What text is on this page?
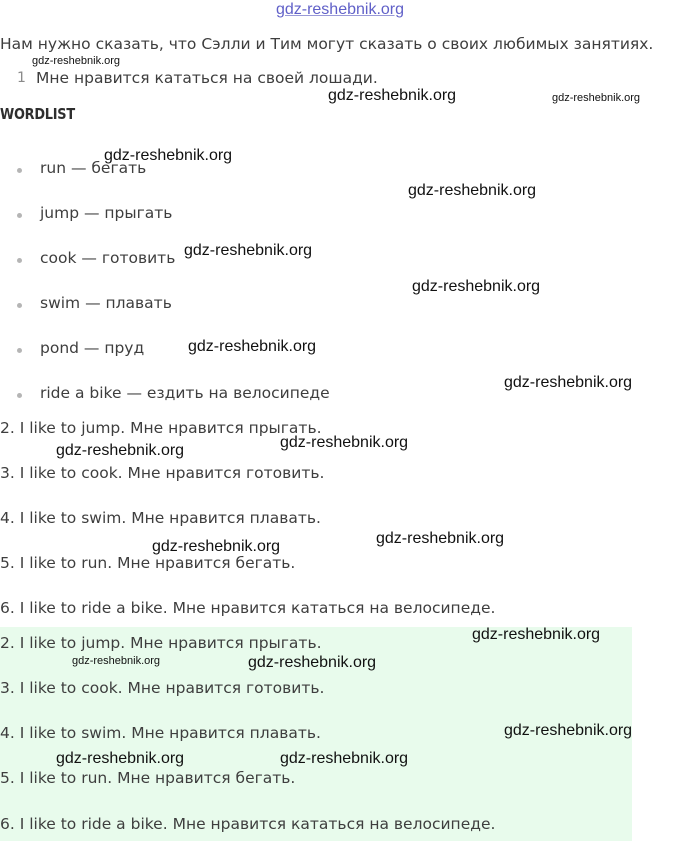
gdz-reshebnik.org
Нам нужно сказать, что Сэлли и Тим могут сказать о своих любимых занятиях.
1 Мне нравится кататься на своей лошади.
WORDLIST
run — бегать
jump — прыгать
cook — готовить
swim — плавать
pond — пруд
ride a bike — ездить на велосипеде
2. I like to jump. Мне нравится прыгать.
3. I like to cook. Мне нравится готовить.
4. I like to swim. Мне нравится плавать.
5. I like to run. Мне нравится бегать.
6. I like to ride a bike. Мне нравится кататься на велосипеде.
2. I like to jump. Мне нравится прыгать.
3. I like to cook. Мне нравится готовить.
4. I like to swim. Мне нравится плавать.
5. I like to run. Мне нравится бегать.
6. I like to ride a bike. Мне нравится кататься на велосипеде.
gdz-reshebnik.org
gdz-reshebnik.org	gdz-reshebnik.org
gdz-reshebnik.org
gdz-reshebnik.org
gdz-reshebnik.org
gdz-reshebnik.org
gdz-reshebnik.org
gdz-reshebnik.org
gdz-reshebnik.org
gdz-reshebnik.org
gdz-reshebnik.org
gdz-reshebnik.org
gdz-reshebnik.org
gdz-reshebnik.org	gdz-reshebnik.org
gdz-reshebnik.org
gdz-reshebnik.org	gdz-reshebnik.org
